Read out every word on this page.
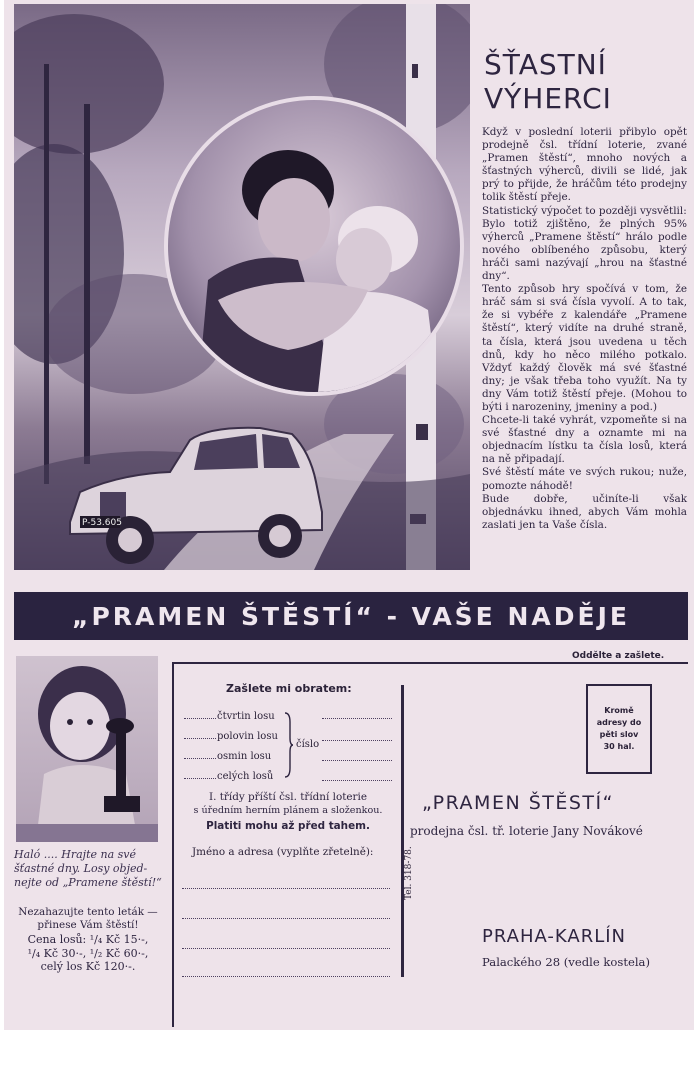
P-53.605
ŠŤASTNÍ
VÝHERCI

Když v poslední loterii přibylo opět prodejně čsl. třídní loterie, zvané „Pramen štěstí“, mnoho nových a šťastných výherců, divili se lidé, jak prý to přijde, že hráčům této prodejny tolik štěstí přeje.

Statistický výpočet to později vysvětlil:

Bylo totiž zjištěno, že plných 95% výherců „Pramene štěstí“ hrálo podle nového oblíbeného způsobu, který hráči sami nazývají „hrou na šťastné dny“.

Tento způsob hry spočívá v tom, že hráč sám si svá čísla vyvolí. A to tak, že si vybéře z kalendáře „Pramene štěstí“, který vidíte na druhé straně, ta čísla, která jsou uvedena u těch dnů, kdy ho něco milého potkalo. Vždyť každý člověk má své šťastné dny; je však třeba toho využít. Na ty dny Vám totiž štěstí přeje. (Mohou to býti i narozeniny, jmeniny a pod.)

Chcete-li také vyhrát, vzpomeňte si na své šťastné dny a oznamte mi na objednacím lístku ta čísla losů, která na ně připadají.

Své štěstí máte ve svých rukou; nuže, pomozte náhodě!

Bude dobře, učiníte-li však objednávku ihned, abych Vám mohla zaslati jen ta Vaše čísla.

„PRAMEN ŠTĚSTÍ“ - VAŠE NADĚJE
Oddělte a zašlete.
Haló .... Hrajte na své
šťastné dny. Losy objed-
nejte od „Pramene štěstí!“
Nezahazujte tento leták —
přinese Vám štěstí!
Cena losů: ¹/₄ Kč 15·-,
¹/₄ Kč 30·-, ¹/₂ Kč 60·-,
celý los Kč 120·-.
Zašlete mi obratem:
čtvrtin losu
polovin losu
osmin losu
celých losů
číslo
I. třídy příští čsl. třídní loterie
s úředním herním plánem a složenkou.
Platiti mohu až před tahem.
Jméno a adresa (vyplňte zřetelně):	Tel. 318-78.
Kromě
adresy do
pěti slov
30 hal.
„PRAMEN ŠTĚSTÍ“
prodejna čsl. tř. loterie Jany Novákové
PRAHA-KARLÍN
Palackého 28 (vedle kostela)
